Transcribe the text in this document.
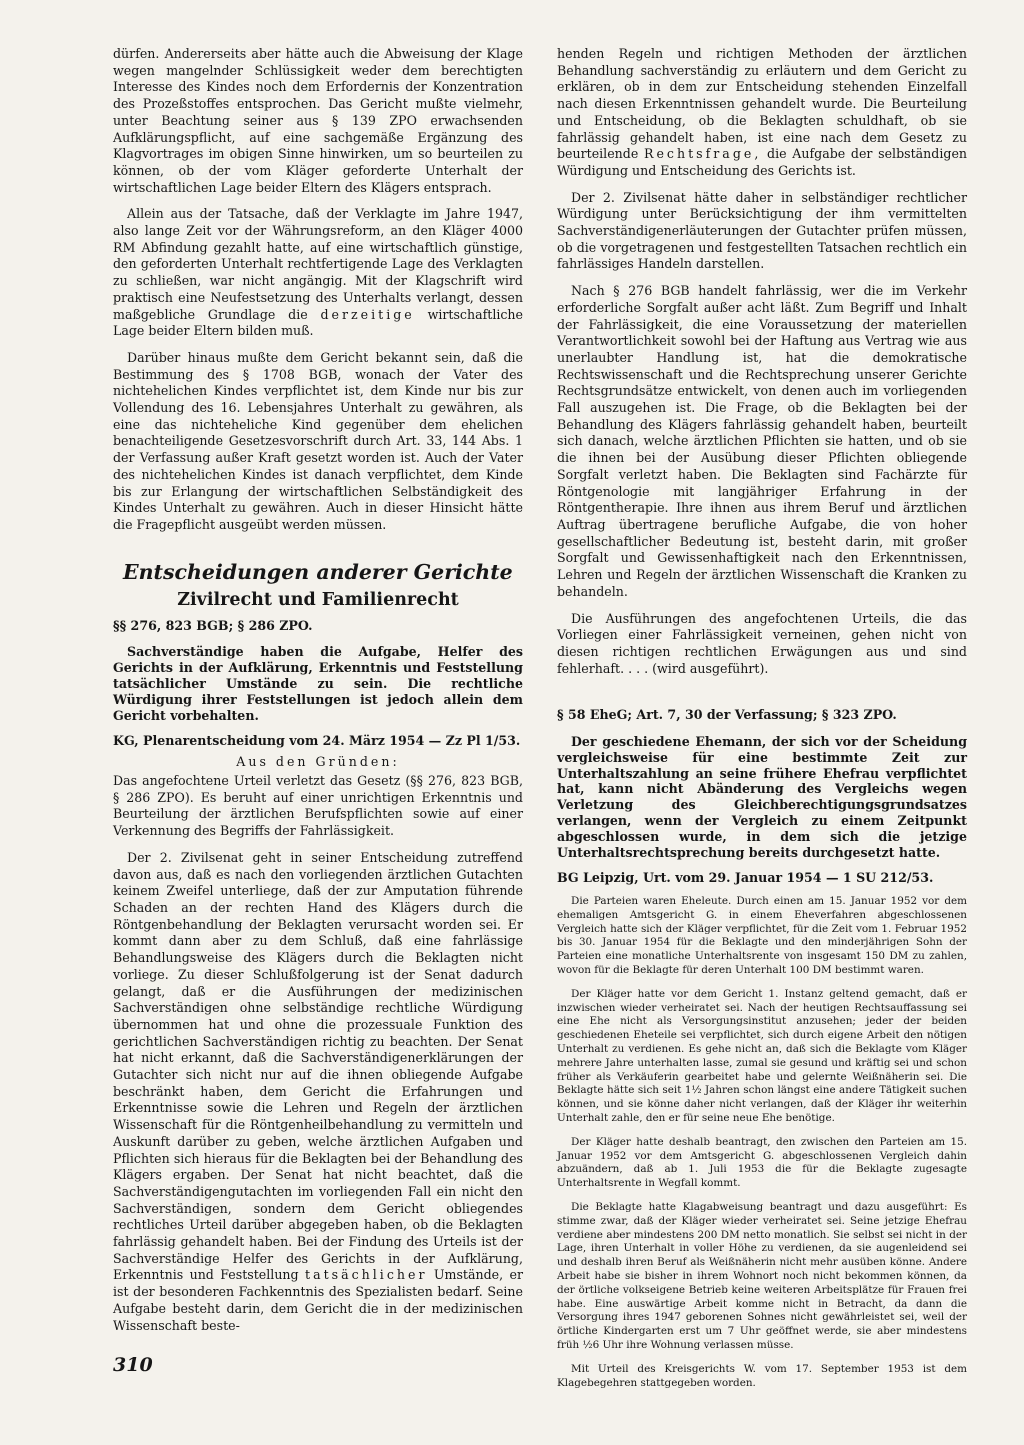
dürfen. Andererseits aber hätte auch die Abweisung der Klage wegen mangelnder Schlüssigkeit weder dem berechtigten Interesse des Kindes noch dem Erfordernis der Konzentration des Prozeßstoffes entsprochen. Das Gericht mußte vielmehr, unter Beachtung seiner aus § 139 ZPO erwachsenden Aufklärungspflicht, auf eine sachgemäße Ergänzung des Klagvortrages im obigen Sinne hinwirken, um so beurteilen zu können, ob der vom Kläger geforderte Unterhalt der wirtschaftlichen Lage beider Eltern des Klägers entsprach.

Allein aus der Tatsache, daß der Verklagte im Jahre 1947, also lange Zeit vor der Währungsreform, an den Kläger 4000 RM Abfindung gezahlt hatte, auf eine wirtschaftlich günstige, den geforderten Unterhalt rechtfertigende Lage des Verklagten zu schließen, war nicht angängig. Mit der Klagschrift wird praktisch eine Neufestsetzung des Unterhalts verlangt, dessen maßgebliche Grundlage die derzeitige wirtschaftliche Lage beider Eltern bilden muß.

Darüber hinaus mußte dem Gericht bekannt sein, daß die Bestimmung des § 1708 BGB, wonach der Vater des nichtehelichen Kindes verpflichtet ist, dem Kinde nur bis zur Vollendung des 16. Lebensjahres Unterhalt zu gewähren, als eine das nichteheliche Kind gegenüber dem ehelichen benachteiligende Gesetzesvorschrift durch Art. 33, 144 Abs. 1 der Verfassung außer Kraft gesetzt worden ist. Auch der Vater des nichtehelichen Kindes ist danach verpflichtet, dem Kinde bis zur Erlangung der wirtschaftlichen Selbständigkeit des Kindes Unterhalt zu gewähren. Auch in dieser Hinsicht hätte die Fragepflicht ausgeübt werden müssen.

Entscheidungen anderer Gerichte
Zivilrecht und Familienrecht
§§ 276, 823 BGB; § 286 ZPO.
Sachverständige haben die Aufgabe, Helfer des Gerichts in der Aufklärung, Erkenntnis und Feststellung tatsächlicher Umstände zu sein. Die rechtliche Würdigung ihrer Feststellungen ist jedoch allein dem Gericht vorbehalten.
KG, Plenarentscheidung vom 24. März 1954 — Zz Pl 1/53.
Aus den Gründen:

Das angefochtene Urteil verletzt das Gesetz (§§ 276, 823 BGB, § 286 ZPO). Es beruht auf einer unrichtigen Erkenntnis und Beurteilung der ärztlichen Berufspflichten sowie auf einer Verkennung des Begriffs der Fahrlässigkeit.

Der 2. Zivilsenat geht in seiner Entscheidung zutreffend davon aus, daß es nach den vorliegenden ärztlichen Gutachten keinem Zweifel unterliege, daß der zur Amputation führende Schaden an der rechten Hand des Klägers durch die Röntgenbehandlung der Beklagten verursacht worden sei. Er kommt dann aber zu dem Schluß, daß eine fahrlässige Behandlungsweise des Klägers durch die Beklagten nicht vorliege. Zu dieser Schlußfolgerung ist der Senat dadurch gelangt, daß er die Ausführungen der medizinischen Sachverständigen ohne selbständige rechtliche Würdigung übernommen hat und ohne die prozessuale Funktion des gerichtlichen Sachverständigen richtig zu beachten. Der Senat hat nicht erkannt, daß die Sachverständigenerklärungen der Gutachter sich nicht nur auf die ihnen obliegende Aufgabe beschränkt haben, dem Gericht die Erfahrungen und Erkenntnisse sowie die Lehren und Regeln der ärztlichen Wissenschaft für die Röntgenheilbehandlung zu vermitteln und Auskunft darüber zu geben, welche ärztlichen Aufgaben und Pflichten sich hieraus für die Beklagten bei der Behandlung des Klägers ergaben. Der Senat hat nicht beachtet, daß die Sachverständigengutachten im vorliegenden Fall ein nicht den Sachverständigen, sondern dem Gericht obliegendes rechtliches Urteil darüber abgegeben haben, ob die Beklagten fahrlässig gehandelt haben. Bei der Findung des Urteils ist der Sachverständige Helfer des Gerichts in der Aufklärung, Erkenntnis und Feststellung tatsächlicher Umstände, er ist der besonderen Fachkenntnis des Spezialisten bedarf. Seine Aufgabe besteht darin, dem Gericht die in der medizinischen Wissenschaft beste-

henden Regeln und richtigen Methoden der ärztlichen Behandlung sachverständig zu erläutern und dem Gericht zu erklären, ob in dem zur Entscheidung stehenden Einzelfall nach diesen Erkenntnissen gehandelt wurde. Die Beurteilung und Entscheidung, ob die Beklagten schuldhaft, ob sie fahrlässig gehandelt haben, ist eine nach dem Gesetz zu beurteilende Rechtsfrage, die Aufgabe der selbständigen Würdigung und Entscheidung des Gerichts ist.

Der 2. Zivilsenat hätte daher in selbständiger rechtlicher Würdigung unter Berücksichtigung der ihm vermittelten Sachverständigenerläuterungen der Gutachter prüfen müssen, ob die vorgetragenen und festgestellten Tatsachen rechtlich ein fahrlässiges Handeln darstellen.

Nach § 276 BGB handelt fahrlässig, wer die im Verkehr erforderliche Sorgfalt außer acht läßt. Zum Begriff und Inhalt der Fahrlässigkeit, die eine Voraussetzung der materiellen Verantwortlichkeit sowohl bei der Haftung aus Vertrag wie aus unerlaubter Handlung ist, hat die demokratische Rechtswissenschaft und die Rechtsprechung unserer Gerichte Rechtsgrundsätze entwickelt, von denen auch im vorliegenden Fall auszugehen ist. Die Frage, ob die Beklagten bei der Behandlung des Klägers fahrlässig gehandelt haben, beurteilt sich danach, welche ärztlichen Pflichten sie hatten, und ob sie die ihnen bei der Ausübung dieser Pflichten obliegende Sorgfalt verletzt haben. Die Beklagten sind Fachärzte für Röntgenologie mit langjähriger Erfahrung in der Röntgentherapie. Ihre ihnen aus ihrem Beruf und ärztlichen Auftrag übertragene berufliche Aufgabe, die von hoher gesellschaftlicher Bedeutung ist, besteht darin, mit großer Sorgfalt und Gewissenhaftigkeit nach den Erkenntnissen, Lehren und Regeln der ärztlichen Wissenschaft die Kranken zu behandeln.

Die Ausführungen des angefochtenen Urteils, die das Vorliegen einer Fahrlässigkeit verneinen, gehen nicht von diesen richtigen rechtlichen Erwägungen aus und sind fehlerhaft. . . . (wird ausgeführt).

§ 58 EheG; Art. 7, 30 der Verfassung; § 323 ZPO.
Der geschiedene Ehemann, der sich vor der Scheidung vergleichsweise für eine bestimmte Zeit zur Unterhaltszahlung an seine frühere Ehefrau verpflichtet hat, kann nicht Abänderung des Vergleichs wegen Verletzung des Gleichberechtigungsgrundsatzes verlangen, wenn der Vergleich zu einem Zeitpunkt abgeschlossen wurde, in dem sich die jetzige Unterhaltsrechtsprechung bereits durchgesetzt hatte.
BG Leipzig, Urt. vom 29. Januar 1954 — 1 SU 212/53.

Die Parteien waren Eheleute. Durch einen am 15. Januar 1952 vor dem ehemaligen Amtsgericht G. in einem Eheverfahren abgeschlossenen Vergleich hatte sich der Kläger verpflichtet, für die Zeit vom 1. Februar 1952 bis 30. Januar 1954 für die Beklagte und den minderjährigen Sohn der Parteien eine monatliche Unterhaltsrente von insgesamt 150 DM zu zahlen, wovon für die Beklagte für deren Unterhalt 100 DM bestimmt waren.

Der Kläger hatte vor dem Gericht 1. Instanz geltend gemacht, daß er inzwischen wieder verheiratet sei. Nach der heutigen Rechtsauffassung sei eine Ehe nicht als Versorgungsinstitut anzusehen; jeder der beiden geschiedenen Eheteile sei verpflichtet, sich durch eigene Arbeit den nötigen Unterhalt zu verdienen. Es gehe nicht an, daß sich die Beklagte vom Kläger mehrere Jahre unterhalten lasse, zumal sie gesund und kräftig sei und schon früher als Verkäuferin gearbeitet habe und gelernte Weißnäherin sei. Die Beklagte hätte sich seit 1½ Jahren schon längst eine andere Tätigkeit suchen können, und sie könne daher nicht verlangen, daß der Kläger ihr weiterhin Unterhalt zahle, den er für seine neue Ehe benötige.

Der Kläger hatte deshalb beantragt, den zwischen den Parteien am 15. Januar 1952 vor dem Amtsgericht G. abgeschlossenen Vergleich dahin abzuändern, daß ab 1. Juli 1953 die für die Beklagte zugesagte Unterhaltsrente in Wegfall kommt.

Die Beklagte hatte Klagabweisung beantragt und dazu ausgeführt: Es stimme zwar, daß der Kläger wieder verheiratet sei. Seine jetzige Ehefrau verdiene aber mindestens 200 DM netto monatlich. Sie selbst sei nicht in der Lage, ihren Unterhalt in voller Höhe zu verdienen, da sie augenleidend sei und deshalb ihren Beruf als Weißnäherin nicht mehr ausüben könne. Andere Arbeit habe sie bisher in ihrem Wohnort noch nicht bekommen können, da der örtliche volkseigene Betrieb keine weiteren Arbeitsplätze für Frauen frei habe. Eine auswärtige Arbeit komme nicht in Betracht, da dann die Versorgung ihres 1947 geborenen Sohnes nicht gewährleistet sei, weil der örtliche Kindergarten erst um 7 Uhr geöffnet werde, sie aber mindestens früh ½6 Uhr ihre Wohnung verlassen müsse.

Mit Urteil des Kreisgerichts W. vom 17. September 1953 ist dem Klagebegehren stattgegeben worden.

310
